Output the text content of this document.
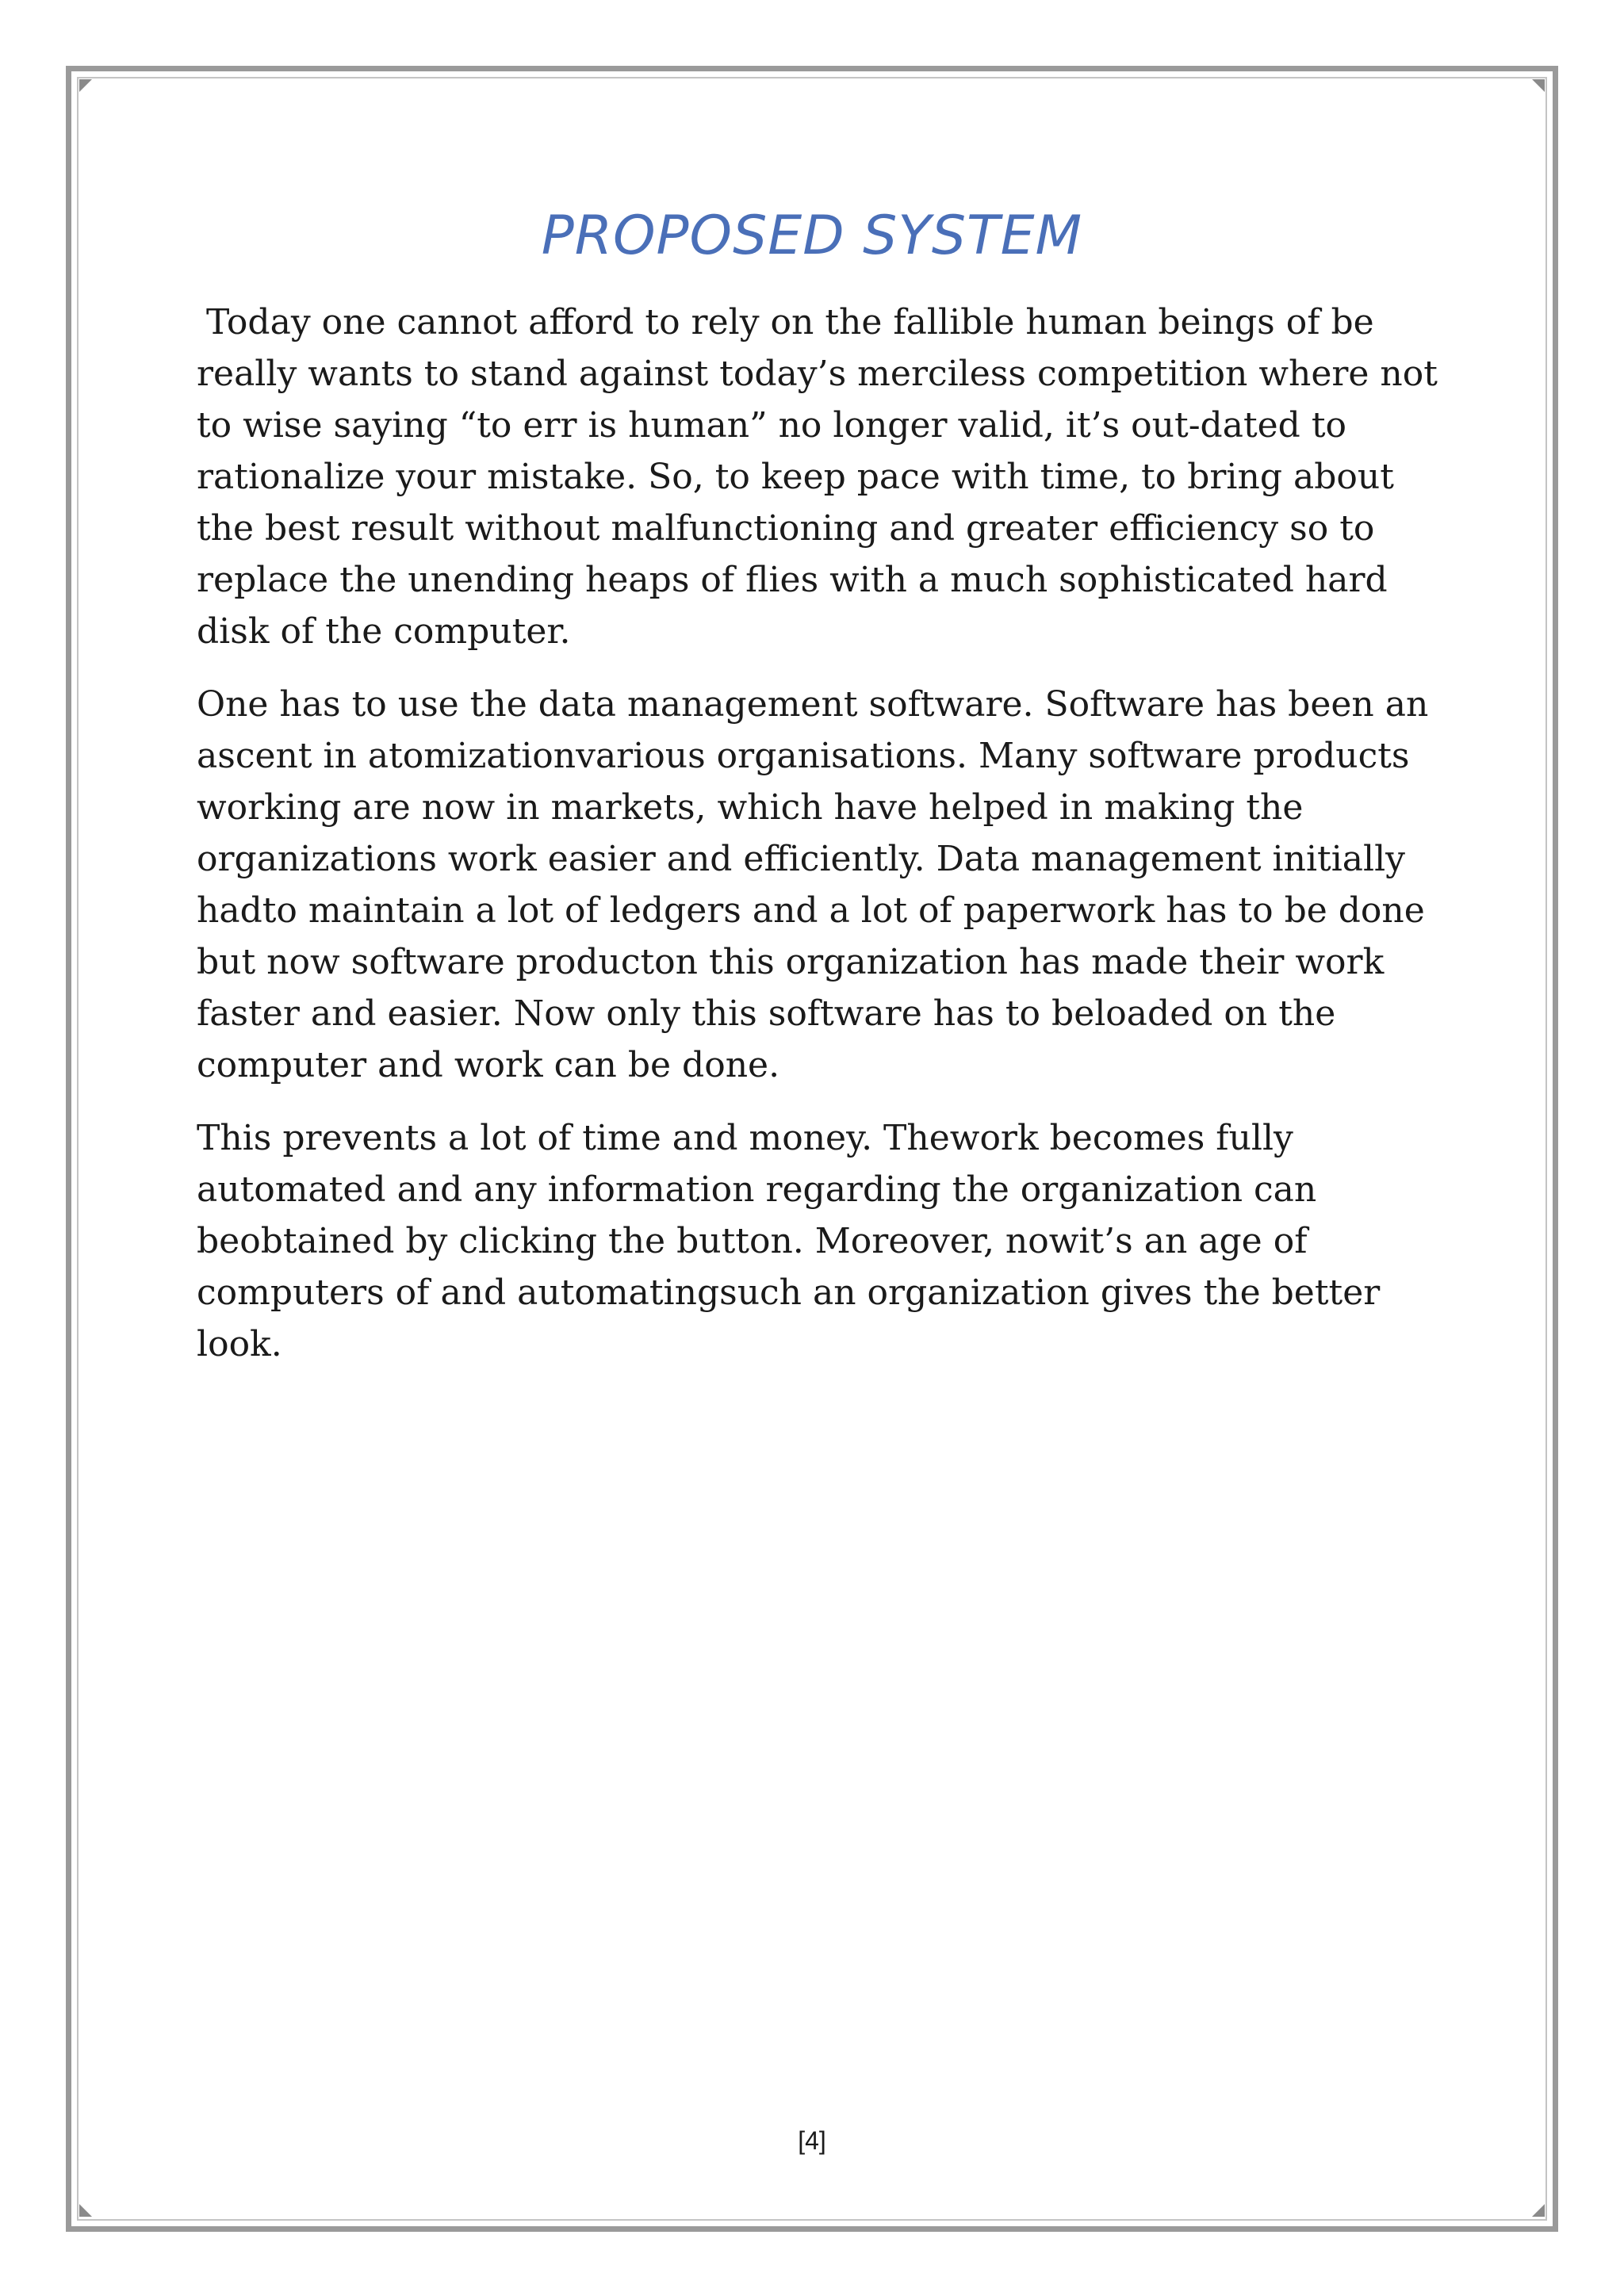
PROPOSED SYSTEM

Today one cannot afford to rely on the fallible human beings of be really wants to stand against today’s merciless competition where not to wise saying “to err is human” no longer valid, it’s out-dated to rationalize your mistake. So, to keep pace with time, to bring about the best result without malfunctioning and greater efficiency so to replace the unending heaps of flies with a much sophisticated hard disk of the computer.

One has to use the data management software. Software has been an ascent in atomizationvarious organisations. Many software products working are now in markets, which have helped in making the organizations work easier and efficiently. Data management initially hadto maintain a lot of ledgers and a lot of paperwork has to be done but now software producton this organization has made their work faster and easier. Now only this software has to beloaded on the computer and work can be done.

This prevents a lot of time and money. Thework becomes fully automated and any information regarding the organization can beobtained by clicking the button. Moreover, nowit’s an age of computers of and automatingsuch an organization gives the better look.

[4]
